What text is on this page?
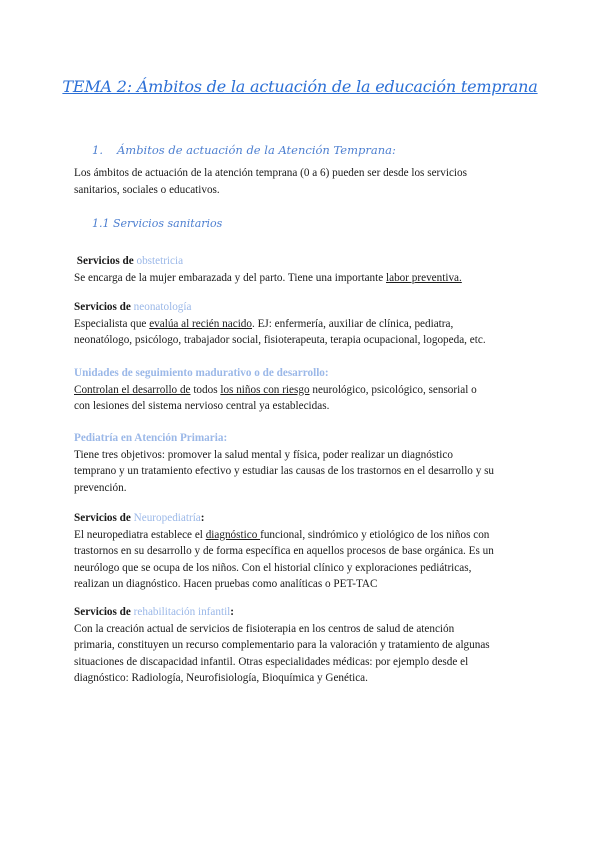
TEMA 2: Ámbitos de la actuación de la educación temprana
1. Ámbitos de actuación de la Atención Temprana:
Los ámbitos de actuación de la atención temprana (0 a 6) pueden ser desde los servicios
sanitarios, sociales o educativos.
1.1 Servicios sanitarios
Servicios de obstetricia
Se encarga de la mujer embarazada y del parto. Tiene una importante labor preventiva.
Servicios de neonatología
Especialista que evalúa al recién nacido. EJ: enfermería, auxiliar de clínica, pediatra,
neonatólogo, psicólogo, trabajador social, fisioterapeuta, terapia ocupacional, logopeda, etc.
Unidades de seguimiento madurativo o de desarrollo:
Controlan el desarrollo de todos los niños con riesgo neurológico, psicológico, sensorial o
con lesiones del sistema nervioso central ya establecidas.
Pediatría en Atención Primaria:
Tiene tres objetivos: promover la salud mental y física, poder realizar un diagnóstico
temprano y un tratamiento efectivo y estudiar las causas de los trastornos en el desarrollo y su
prevención.
Servicios de Neuropediatría:
El neuropediatra establece el diagnóstico funcional, sindrómico y etiológico de los niños con
trastornos en su desarrollo y de forma específica en aquellos procesos de base orgánica. Es un
neurólogo que se ocupa de los niños. Con el historial clínico y exploraciones pediátricas,
realizan un diagnóstico. Hacen pruebas como analíticas o PET-TAC
Servicios de rehabilitación infantil:
Con la creación actual de servicios de fisioterapia en los centros de salud de atención
primaria, constituyen un recurso complementario para la valoración y tratamiento de algunas
situaciones de discapacidad infantil. Otras especialidades médicas: por ejemplo desde el
diagnóstico: Radiología, Neurofisiología, Bioquímica y Genética.
